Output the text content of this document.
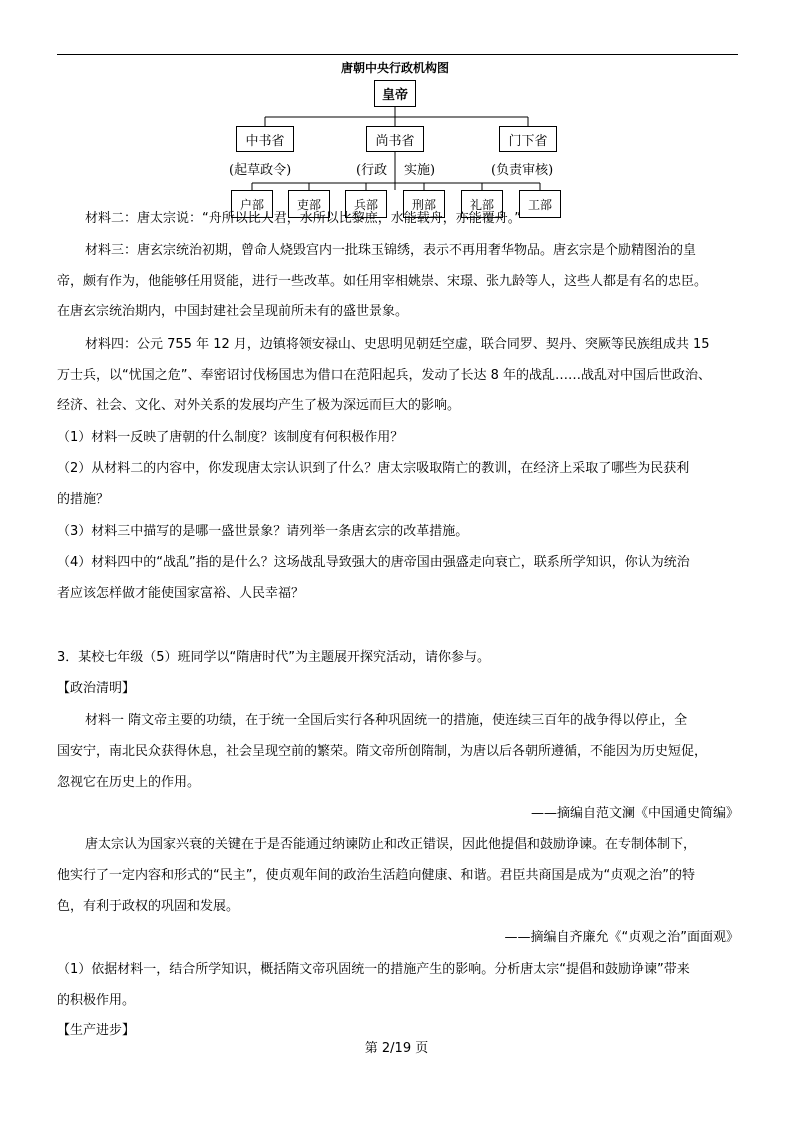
唐朝中央行政机构图
皇帝
中书省	尚书省	门下省
(起草政令)	(行政 实施)	(负责审核)
户部	吏部	兵部	刑部	礼部	工部
材料二：唐太宗说：“舟所以比人君，水所以比黎庶，水能载舟，亦能覆舟。”
材料三：唐玄宗统治初期，曾命人烧毁宫内一批珠玉锦绣，表示不再用奢华物品。唐玄宗是个励精图治的皇
帝，颇有作为，他能够任用贤能，进行一些改革。如任用宰相姚崇、宋璟、张九龄等人，这些人都是有名的忠臣。
在唐玄宗统治期内，中国封建社会呈现前所未有的盛世景象。
材料四：公元 755 年 12 月，边镇将领安禄山、史思明见朝廷空虚，联合同罗、契丹、突厥等民族组成共 15
万士兵，以“忧国之危”、奉密诏讨伐杨国忠为借口在范阳起兵，发动了长达 8 年的战乱……战乱对中国后世政治、
经济、社会、文化、对外关系的发展均产生了极为深远而巨大的影响。
（1）材料一反映了唐朝的什么制度？该制度有何积极作用？
（2）从材料二的内容中，你发现唐太宗认识到了什么？唐太宗吸取隋亡的教训，在经济上采取了哪些为民获利
的措施？
（3）材料三中描写的是哪一盛世景象？请列举一条唐玄宗的改革措施。
（4）材料四中的“战乱”指的是什么？这场战乱导致强大的唐帝国由强盛走向衰亡，联系所学知识，你认为统治
者应该怎样做才能使国家富裕、人民幸福？
3．某校七年级（5）班同学以“隋唐时代”为主题展开探究活动，请你参与。
【政治清明】
材料一 隋文帝主要的功绩，在于统一全国后实行各种巩固统一的措施，使连续三百年的战争得以停止，全
国安宁，南北民众获得休息，社会呈现空前的繁荣。隋文帝所创隋制，为唐以后各朝所遵循，不能因为历史短促，
忽视它在历史上的作用。
——摘编自范文澜《中国通史简编》
唐太宗认为国家兴衰的关键在于是否能通过纳谏防止和改正错误，因此他提倡和鼓励诤谏。在专制体制下，
他实行了一定内容和形式的“民主”，使贞观年间的政治生活趋向健康、和谐。君臣共商国是成为“贞观之治”的特
色，有利于政权的巩固和发展。
——摘编自齐廉允《“贞观之治”面面观》
（1）依据材料一，结合所学知识，概括隋文帝巩固统一的措施产生的影响。分析唐太宗“提倡和鼓励诤谏”带来
的积极作用。
【生产进步】
第 2/19 页
